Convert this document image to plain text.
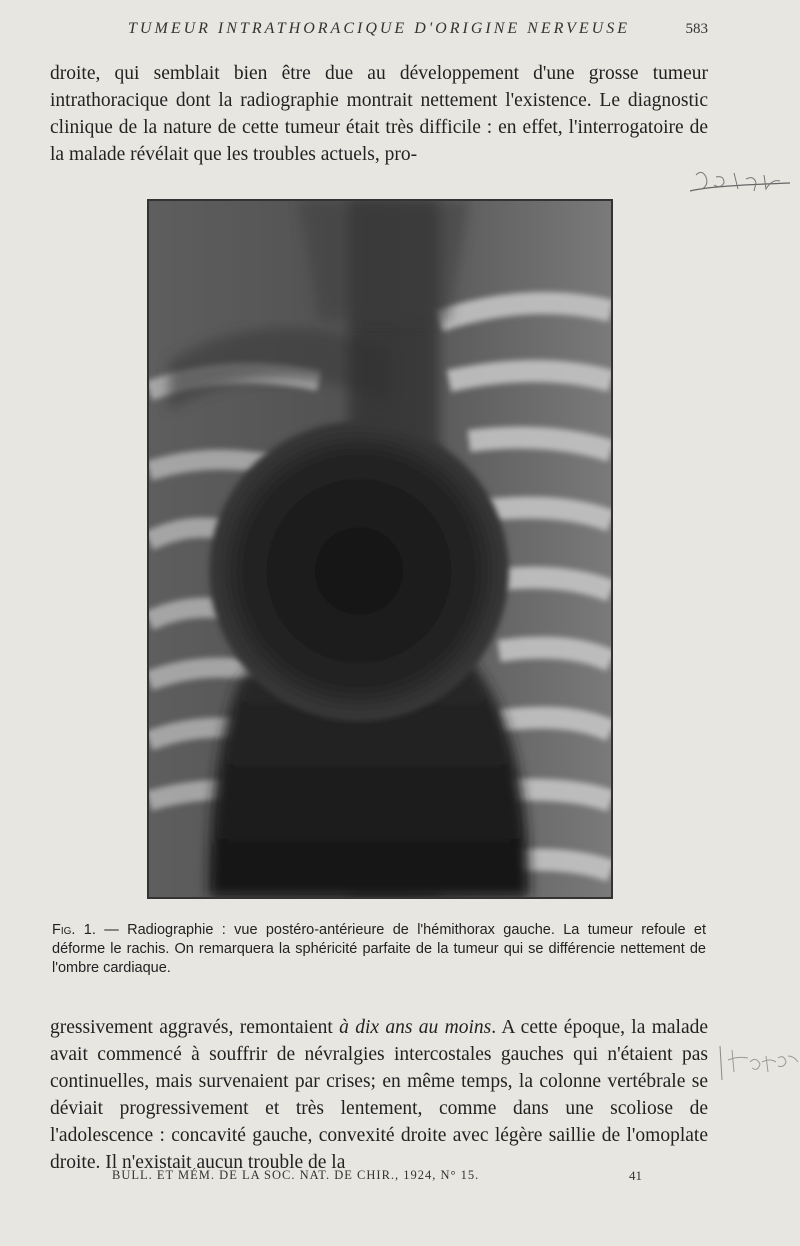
TUMEUR INTRATHORACIQUE D'ORIGINE NERVEUSE	583
droite, qui semblait bien être due au développement d'une grosse tumeur intrathoracique dont la radiographie montrait nettement l'existence. Le diagnostic clinique de la nature de cette tumeur était très difficile : en effet, l'interrogatoire de la malade révélait que les troubles actuels, pro-
Fig. 1. — Radiographie : vue postéro-antérieure de l'hémithorax gauche. La tumeur refoule et déforme le rachis. On remarquera la sphéricité parfaite de la tumeur qui se différencie nettement de l'ombre cardiaque.
gressivement aggravés, remontaient à dix ans au moins. A cette époque, la malade avait commencé à souffrir de névralgies intercostales gauches qui n'étaient pas continuelles, mais survenaient par crises; en même temps, la colonne vertébrale se déviait progressivement et très lentement, comme dans une scoliose de l'adolescence : concavité gauche, convexité droite avec légère saillie de l'omoplate droite. Il n'existait aucun trouble de la
BULL. ET MÉM. DE LA SOC. NAT. DE CHIR., 1924, N° 15.	41
